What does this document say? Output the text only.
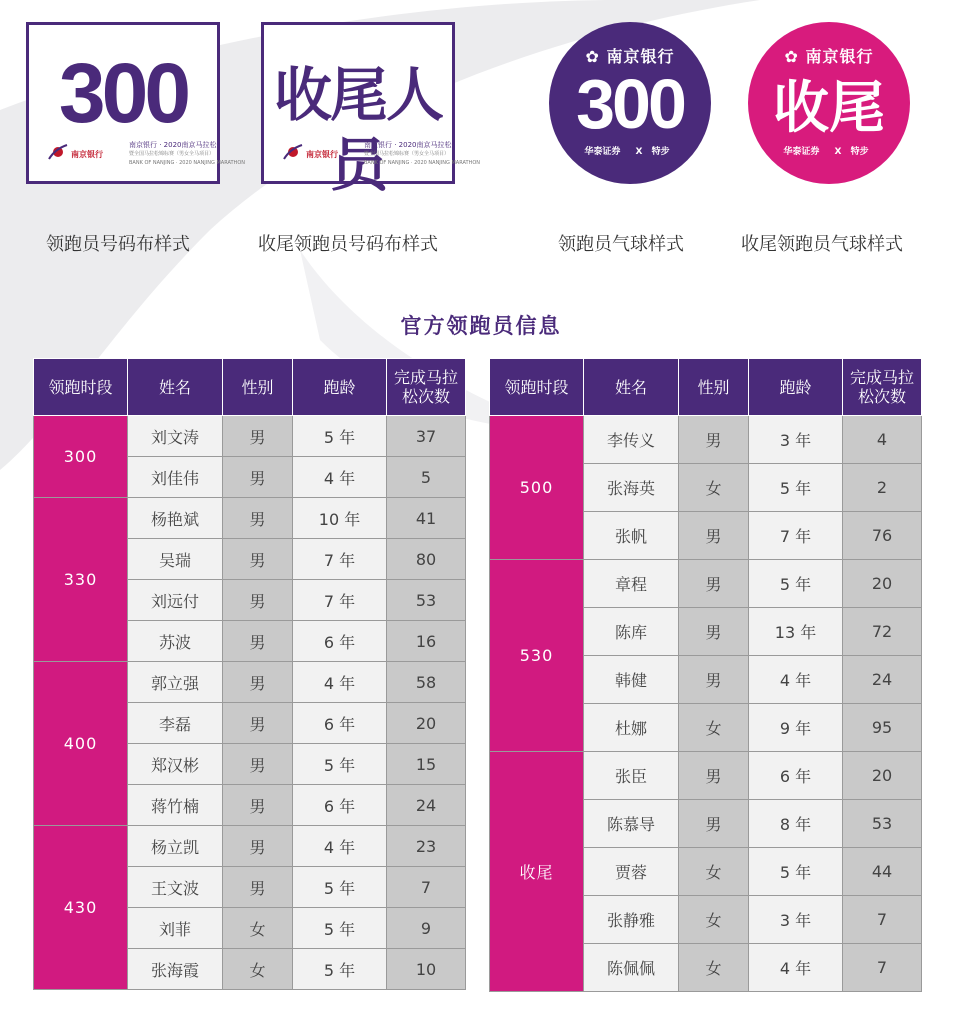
300
南京银行
南京银行 · 2020南京马拉松
暨全国马拉松锦标赛（男女全马项目）
BANK OF NANJING · 2020 NANJING MARATHON
收尾人员
南京银行
南京银行 · 2020南京马拉松
暨全国马拉松锦标赛（男女全马项目）
BANK OF NANJING · 2020 NANJING MARATHON
✿ 南京银行
300
华泰证券 X 特步
✿ 南京银行
收尾
华泰证券 X 特步
领跑员号码布样式	收尾领跑员号码布样式	领跑员气球样式	收尾领跑员气球样式
官方领跑员信息
领跑时段	姓名	性别	跑龄	完成马拉
松次数
300	刘文涛	男	5 年	37
	刘佳伟	男	4 年	5
330	杨艳斌	男	10 年	41
	吴瑞	男	7 年	80
	刘远付	男	7 年	53
	苏波	男	6 年	16
400	郭立强	男	4 年	58
	李磊	男	6 年	20
	郑汉彬	男	5 年	15
	蒋竹楠	男	6 年	24
430	杨立凯	男	4 年	23
	王文波	男	5 年	7
	刘菲	女	5 年	9
	张海霞	女	5 年	10
领跑时段	姓名	性别	跑龄	完成马拉
松次数
500	李传义	男	3 年	4
	张海英	女	5 年	2
	张帆	男	7 年	76
530	章程	男	5 年	20
	陈库	男	13 年	72
	韩健	男	4 年	24
	杜娜	女	9 年	95
收尾	张臣	男	6 年	20
	陈慕导	男	8 年	53
	贾蓉	女	5 年	44
	张静雅	女	3 年	7
	陈佩佩	女	4 年	7
